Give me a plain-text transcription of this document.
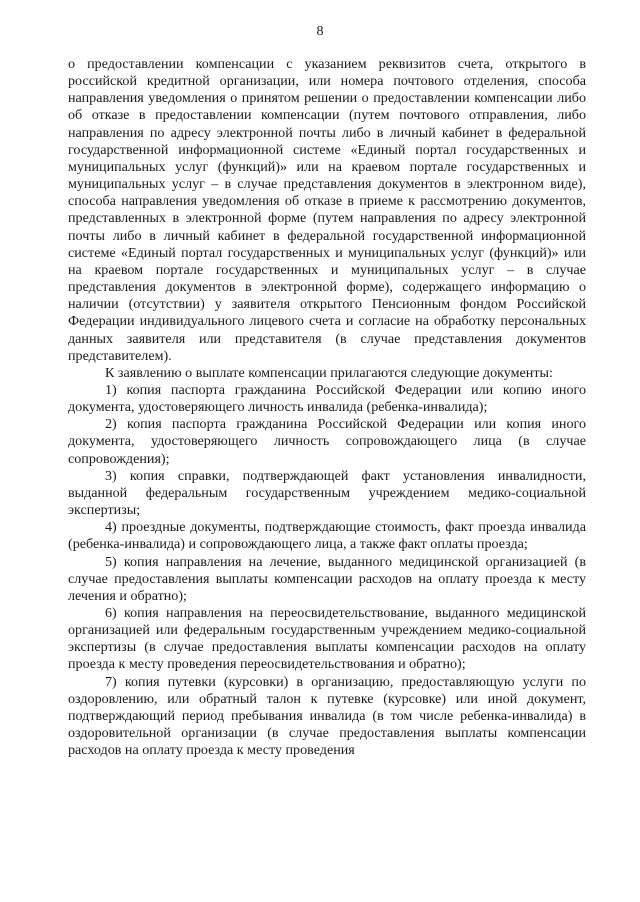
8

о предоставлении компенсации с указанием реквизитов счета, открытого в российской кредитной организации, или номера почтового отделения, способа направления уведомления о принятом решении о предоставлении компенсации либо об отказе в предоставлении компенсации (путем почтового отправления, либо направления по адресу электронной почты либо в личный кабинет в федеральной государственной информационной системе «Единый портал государственных и муниципальных услуг (функций)» или на краевом портале государственных и муниципальных услуг – в случае представления документов в электронном виде), способа направления уведомления об отказе в приеме к рассмотрению документов, представленных в электронной форме (путем направления по адресу электронной почты либо в личный кабинет в федеральной государственной информационной системе «Единый портал государственных и муниципальных услуг (функций)» или на краевом портале государственных и муниципальных услуг – в случае представления документов в электронной форме), содержащего информацию о наличии (отсутствии) у заявителя открытого Пенсионным фондом Российской Федерации индивидуального лицевого счета и согласие на обработку персональных данных заявителя или представителя (в случае представления документов представителем).

К заявлению о выплате компенсации прилагаются следующие документы:

1) копия паспорта гражданина Российской Федерации или копию иного документа, удостоверяющего личность инвалида (ребенка-инвалида);

2) копия паспорта гражданина Российской Федерации или копия иного документа, удостоверяющего личность сопровождающего лица (в случае сопровождения);

3) копия справки, подтверждающей факт установления инвалидности, выданной федеральным государственным учреждением медико-социальной экспертизы;

4) проездные документы, подтверждающие стоимость, факт проезда инвалида (ребенка-инвалида) и сопровождающего лица, а также факт оплаты проезда;

5) копия направления на лечение, выданного медицинской организацией (в случае предоставления выплаты компенсации расходов на оплату проезда к месту лечения и обратно);

6) копия направления на переосвидетельствование, выданного медицинской организацией или федеральным государственным учреждением медико-социальной экспертизы (в случае предоставления выплаты компенсации расходов на оплату проезда к месту проведения переосвидетельствования и обратно);

7) копия путевки (курсовки) в организацию, предоставляющую услуги по оздоровлению, или обратный талон к путевке (курсовке) или иной документ, подтверждающий период пребывания инвалида (в том числе ребенка-инвалида) в оздоровительной организации (в случае предоставления выплаты компенсации расходов на оплату проезда к месту проведения
